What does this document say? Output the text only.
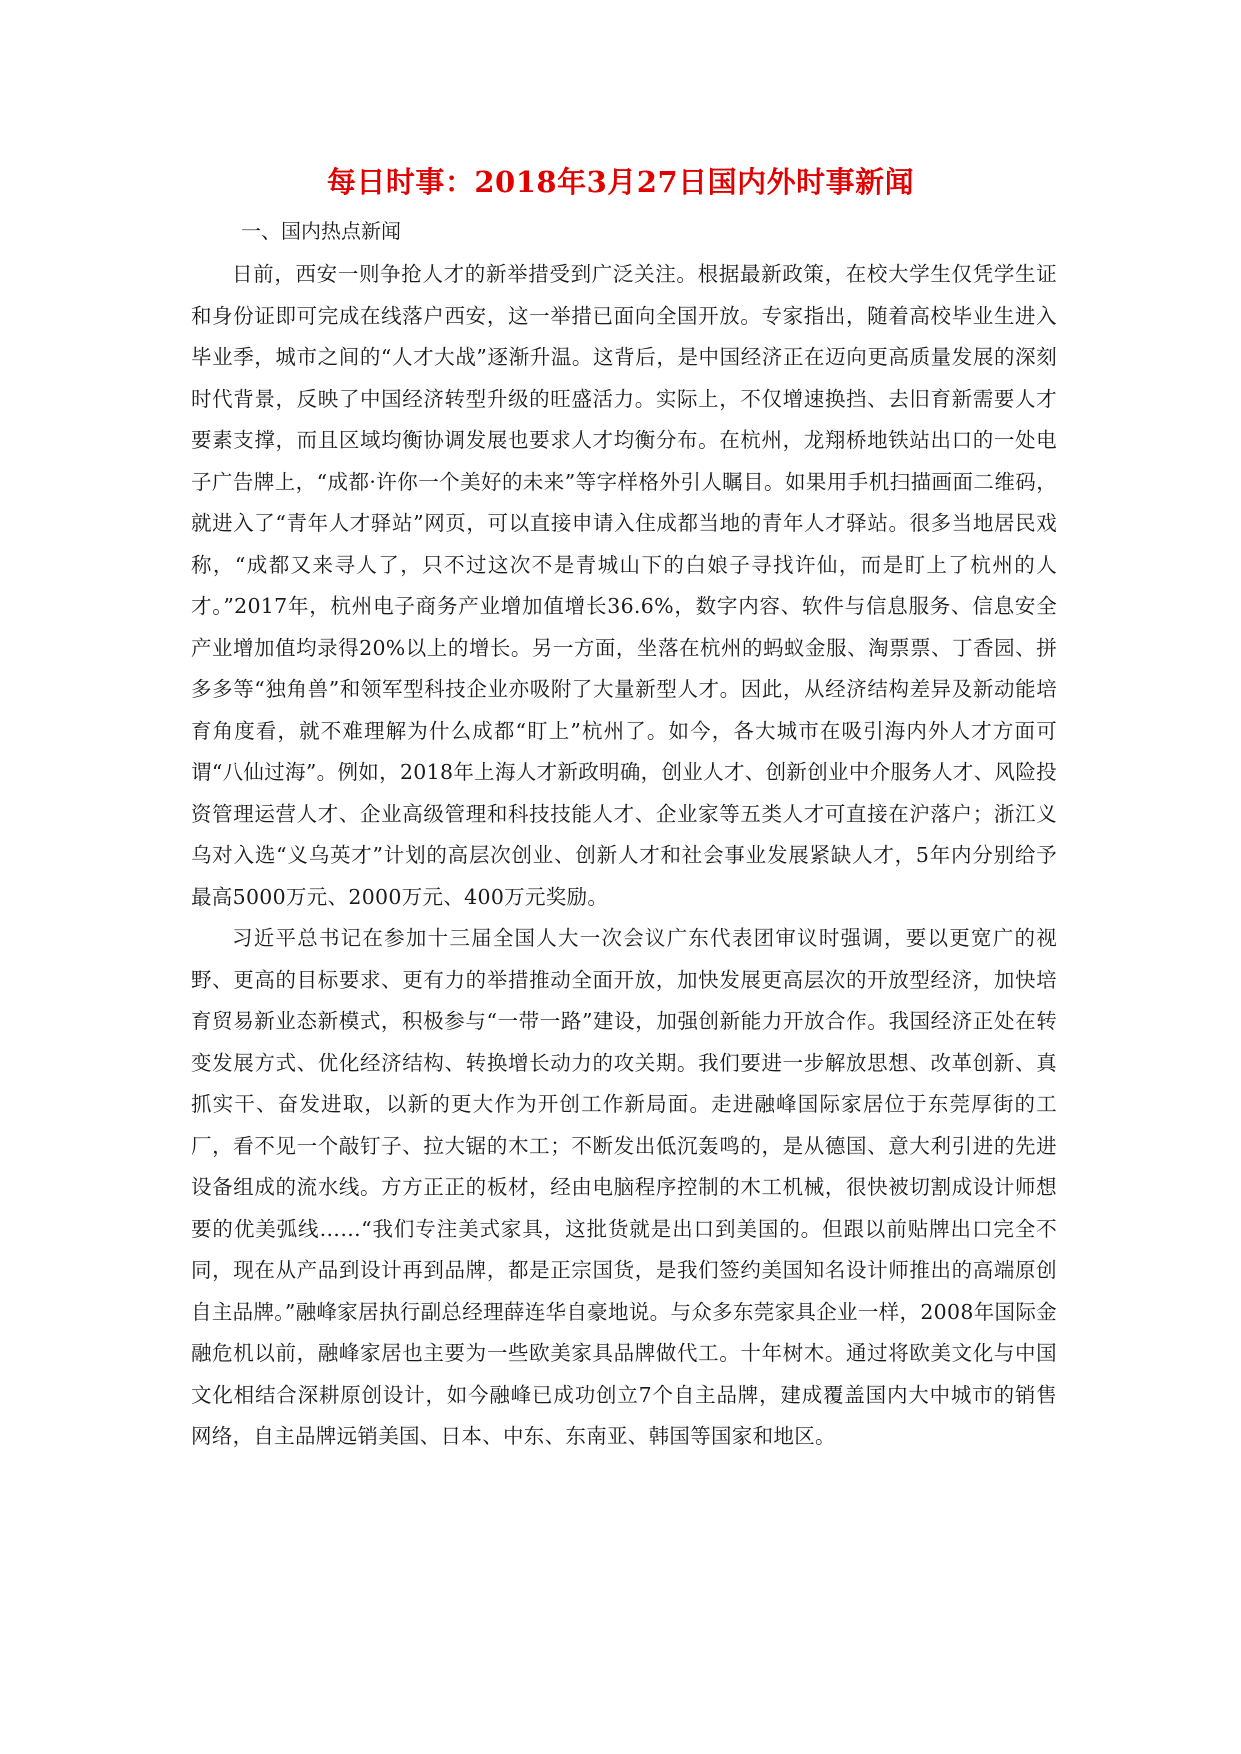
每日时事：2018年3月27日国内外时事新闻

一、国内热点新闻

日前，西安一则争抢人才的新举措受到广泛关注。根据最新政策，在校大学生仅凭学生证和身份证即可完成在线落户西安，这一举措已面向全国开放。专家指出，随着高校毕业生进入毕业季，城市之间的“人才大战”逐渐升温。这背后，是中国经济正在迈向更高质量发展的深刻时代背景，反映了中国经济转型升级的旺盛活力。实际上，不仅增速换挡、去旧育新需要人才要素支撑，而且区域均衡协调发展也要求人才均衡分布。在杭州，龙翔桥地铁站出口的一处电子广告牌上，“成都·许你一个美好的未来”等字样格外引人瞩目。如果用手机扫描画面二维码，就进入了“青年人才驿站”网页，可以直接申请入住成都当地的青年人才驿站。很多当地居民戏称，“成都又来寻人了，只不过这次不是青城山下的白娘子寻找许仙，而是盯上了杭州的人才。”2017年，杭州电子商务产业增加值增长36.6%，数字内容、软件与信息服务、信息安全产业增加值均录得20%以上的增长。另一方面，坐落在杭州的蚂蚁金服、淘票票、丁香园、拼多多等“独角兽”和领军型科技企业亦吸附了大量新型人才。因此，从经济结构差异及新动能培育角度看，就不难理解为什么成都“盯上”杭州了。如今，各大城市在吸引海内外人才方面可谓“八仙过海”。例如，2018年上海人才新政明确，创业人才、创新创业中介服务人才、风险投资管理运营人才、企业高级管理和科技技能人才、企业家等五类人才可直接在沪落户；浙江义乌对入选“义乌英才”计划的高层次创业、创新人才和社会事业发展紧缺人才，5年内分别给予最高5000万元、2000万元、400万元奖励。

习近平总书记在参加十三届全国人大一次会议广东代表团审议时强调，要以更宽广的视野、更高的目标要求、更有力的举措推动全面开放，加快发展更高层次的开放型经济，加快培育贸易新业态新模式，积极参与“一带一路”建设，加强创新能力开放合作。我国经济正处在转变发展方式、优化经济结构、转换增长动力的攻关期。我们要进一步解放思想、改革创新、真抓实干、奋发进取，以新的更大作为开创工作新局面。走进融峰国际家居位于东莞厚街的工厂，看不见一个敲钉子、拉大锯的木工；不断发出低沉轰鸣的，是从德国、意大利引进的先进设备组成的流水线。方方正正的板材，经由电脑程序控制的木工机械，很快被切割成设计师想要的优美弧线……“我们专注美式家具，这批货就是出口到美国的。但跟以前贴牌出口完全不同，现在从产品到设计再到品牌，都是正宗国货，是我们签约美国知名设计师推出的高端原创自主品牌。”融峰家居执行副总经理薛连华自豪地说。与众多东莞家具企业一样，2008年国际金融危机以前，融峰家居也主要为一些欧美家具品牌做代工。十年树木。通过将欧美文化与中国文化相结合深耕原创设计，如今融峰已成功创立7个自主品牌，建成覆盖国内大中城市的销售网络，自主品牌远销美国、日本、中东、东南亚、韩国等国家和地区。
